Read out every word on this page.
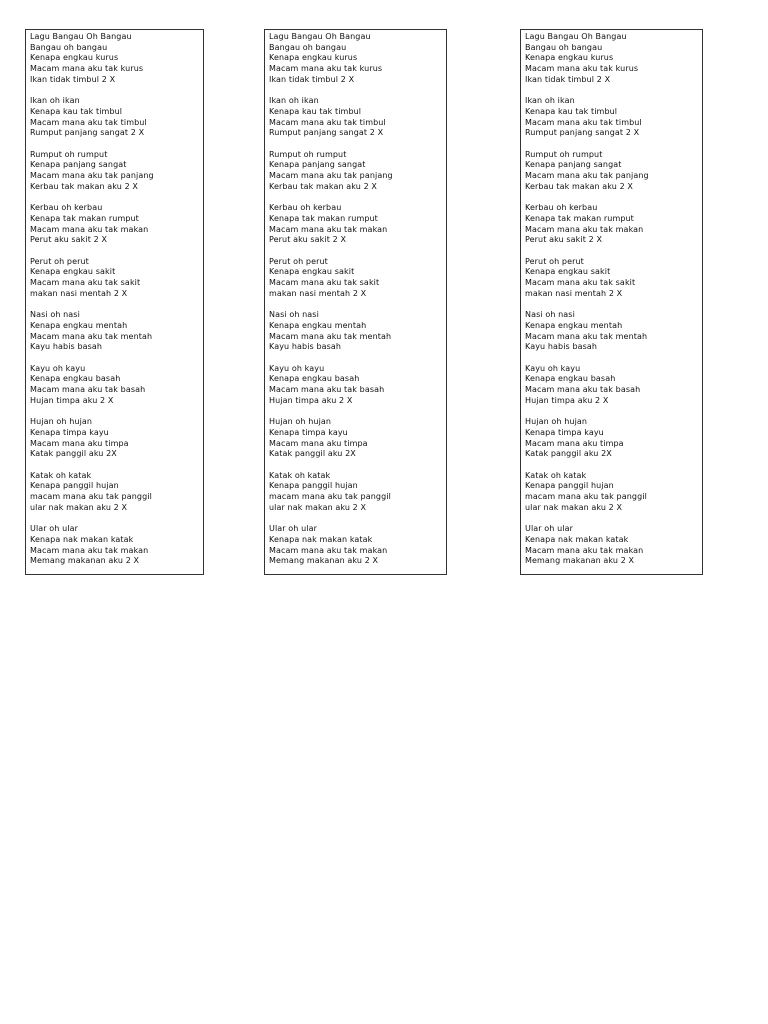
Lagu Bangau Oh Bangau
Bangau oh bangau
Kenapa engkau kurus
Macam mana aku tak kurus
Ikan tidak timbul 2 X
Ikan oh ikan
Kenapa kau tak timbul
Macam mana aku tak timbul
Rumput panjang sangat 2 X
Rumput oh rumput
Kenapa panjang sangat
Macam mana aku tak panjang
Kerbau tak makan aku 2 X
Kerbau oh kerbau
Kenapa tak makan rumput
Macam mana aku tak makan
Perut aku sakit 2 X
Perut oh perut
Kenapa engkau sakit
Macam mana aku tak sakit
makan nasi mentah 2 X
Nasi oh nasi
Kenapa engkau mentah
Macam mana aku tak mentah
Kayu habis basah
Kayu oh kayu
Kenapa engkau basah
Macam mana aku tak basah
Hujan timpa aku 2 X
Hujan oh hujan
Kenapa timpa kayu
Macam mana aku timpa
Katak panggil aku 2X
Katak oh katak
Kenapa panggil hujan
macam mana aku tak panggil
ular nak makan aku 2 X
Ular oh ular
Kenapa nak makan katak
Macam mana aku tak makan
Memang makanan aku 2 X
Lagu Bangau Oh Bangau
Bangau oh bangau
Kenapa engkau kurus
Macam mana aku tak kurus
Ikan tidak timbul 2 X
Ikan oh ikan
Kenapa kau tak timbul
Macam mana aku tak timbul
Rumput panjang sangat 2 X
Rumput oh rumput
Kenapa panjang sangat
Macam mana aku tak panjang
Kerbau tak makan aku 2 X
Kerbau oh kerbau
Kenapa tak makan rumput
Macam mana aku tak makan
Perut aku sakit 2 X
Perut oh perut
Kenapa engkau sakit
Macam mana aku tak sakit
makan nasi mentah 2 X
Nasi oh nasi
Kenapa engkau mentah
Macam mana aku tak mentah
Kayu habis basah
Kayu oh kayu
Kenapa engkau basah
Macam mana aku tak basah
Hujan timpa aku 2 X
Hujan oh hujan
Kenapa timpa kayu
Macam mana aku timpa
Katak panggil aku 2X
Katak oh katak
Kenapa panggil hujan
macam mana aku tak panggil
ular nak makan aku 2 X
Ular oh ular
Kenapa nak makan katak
Macam mana aku tak makan
Memang makanan aku 2 X
Lagu Bangau Oh Bangau
Bangau oh bangau
Kenapa engkau kurus
Macam mana aku tak kurus
Ikan tidak timbul 2 X
Ikan oh ikan
Kenapa kau tak timbul
Macam mana aku tak timbul
Rumput panjang sangat 2 X
Rumput oh rumput
Kenapa panjang sangat
Macam mana aku tak panjang
Kerbau tak makan aku 2 X
Kerbau oh kerbau
Kenapa tak makan rumput
Macam mana aku tak makan
Perut aku sakit 2 X
Perut oh perut
Kenapa engkau sakit
Macam mana aku tak sakit
makan nasi mentah 2 X
Nasi oh nasi
Kenapa engkau mentah
Macam mana aku tak mentah
Kayu habis basah
Kayu oh kayu
Kenapa engkau basah
Macam mana aku tak basah
Hujan timpa aku 2 X
Hujan oh hujan
Kenapa timpa kayu
Macam mana aku timpa
Katak panggil aku 2X
Katak oh katak
Kenapa panggil hujan
macam mana aku tak panggil
ular nak makan aku 2 X
Ular oh ular
Kenapa nak makan katak
Macam mana aku tak makan
Memang makanan aku 2 X
